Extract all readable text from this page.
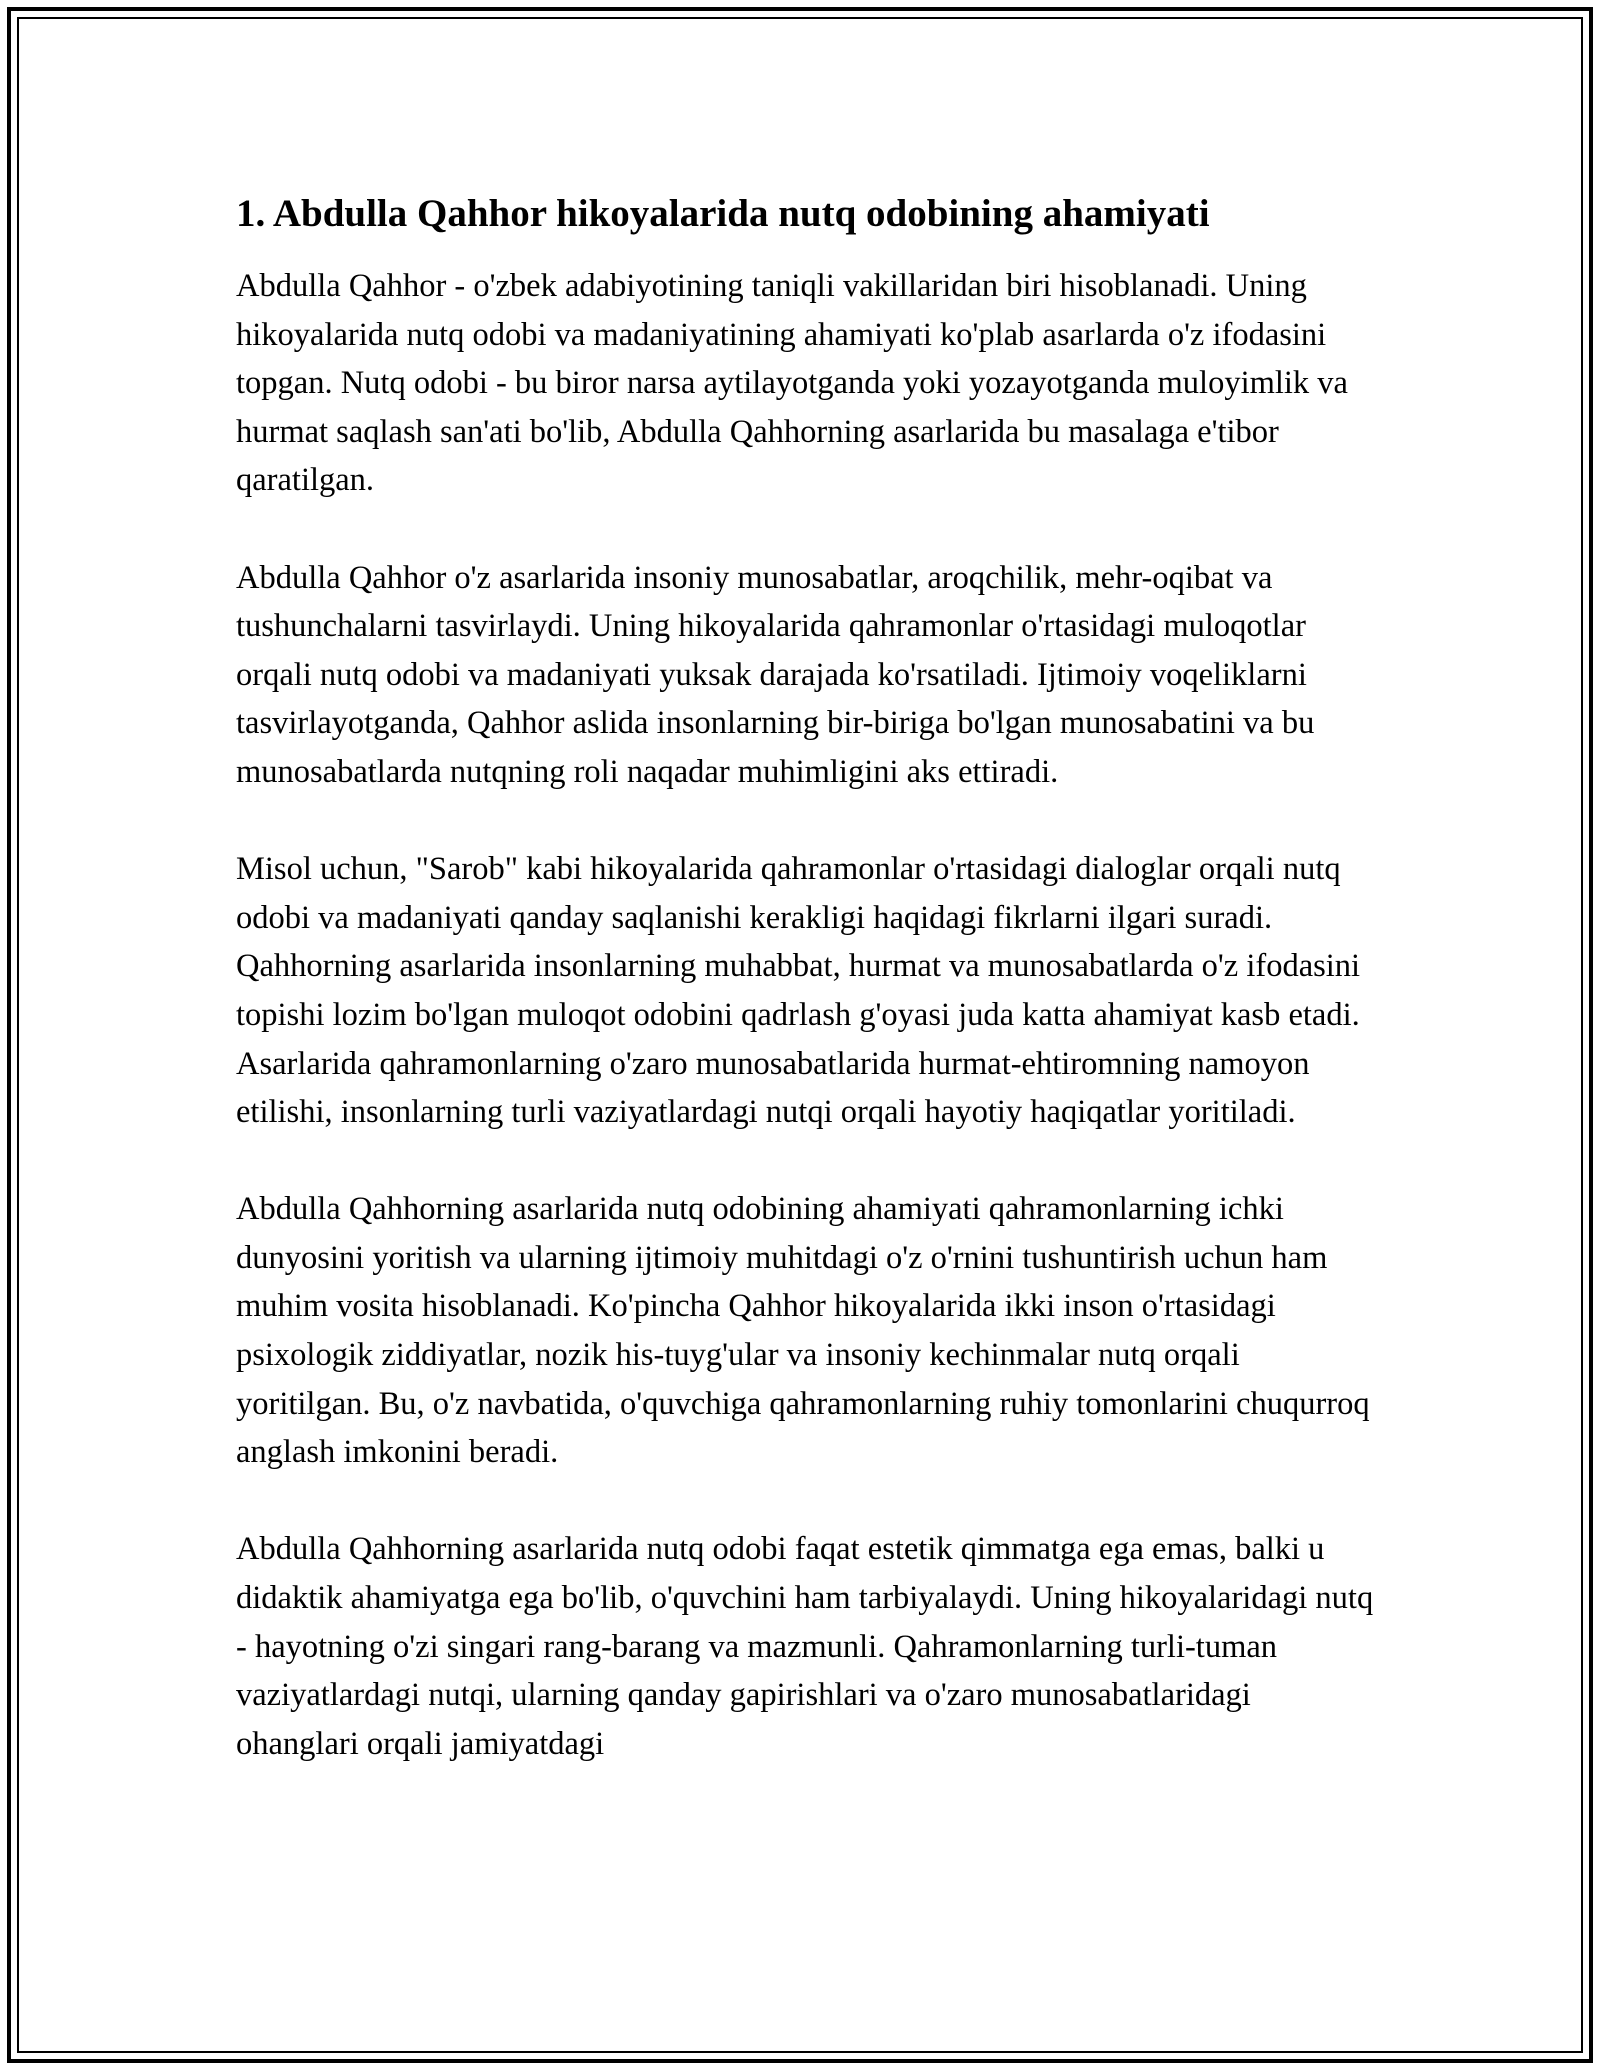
1. Abdulla Qahhor hikoyalarida nutq odobining ahamiyati

Abdulla Qahhor - o'zbek adabiyotining taniqli vakillaridan biri hisoblanadi. Uning hikoyalarida nutq odobi va madaniyatining ahamiyati ko'plab asarlarda o'z ifodasini topgan. Nutq odobi - bu biror narsa aytilayotganda yoki yozayotganda muloyimlik va hurmat saqlash san'ati bo'lib, Abdulla Qahhorning asarlarida bu masalaga e'tibor qaratilgan.

Abdulla Qahhor o'z asarlarida insoniy munosabatlar, aroqchilik, mehr-oqibat va tushunchalarni tasvirlaydi. Uning hikoyalarida qahramonlar o'rtasidagi muloqotlar orqali nutq odobi va madaniyati yuksak darajada ko'rsatiladi. Ijtimoiy voqeliklarni tasvirlayotganda, Qahhor aslida insonlarning bir-biriga bo'lgan munosabatini va bu munosabatlarda nutqning roli naqadar muhimligini aks ettiradi.

Misol uchun, "Sarob" kabi hikoyalarida qahramonlar o'rtasidagi dialoglar orqali nutq odobi va madaniyati qanday saqlanishi kerakligi haqidagi fikrlarni ilgari suradi. Qahhorning asarlarida insonlarning muhabbat, hurmat va munosabatlarda o'z ifodasini topishi lozim bo'lgan muloqot odobini qadrlash g'oyasi juda katta ahamiyat kasb etadi. Asarlarida qahramonlarning o'zaro munosabatlarida hurmat-ehtiromning namoyon etilishi, insonlarning turli vaziyatlardagi nutqi orqali hayotiy haqiqatlar yoritiladi.

Abdulla Qahhorning asarlarida nutq odobining ahamiyati qahramonlarning ichki dunyosini yoritish va ularning ijtimoiy muhitdagi o'z o'rnini tushuntirish uchun ham muhim vosita hisoblanadi. Ko'pincha Qahhor hikoyalarida ikki inson o'rtasidagi psixologik ziddiyatlar, nozik his-tuyg'ular va insoniy kechinmalar nutq orqali yoritilgan. Bu, o'z navbatida, o'quvchiga qahramonlarning ruhiy tomonlarini chuqurroq anglash imkonini beradi.

Abdulla Qahhorning asarlarida nutq odobi faqat estetik qimmatga ega emas, balki u didaktik ahamiyatga ega bo'lib, o'quvchini ham tarbiyalaydi. Uning hikoyalaridagi nutq - hayotning o'zi singari rang-barang va mazmunli. Qahramonlarning turli-tuman vaziyatlardagi nutqi, ularning qanday gapirishlari va o'zaro munosabatlaridagi ohanglari orqali jamiyatdagi
